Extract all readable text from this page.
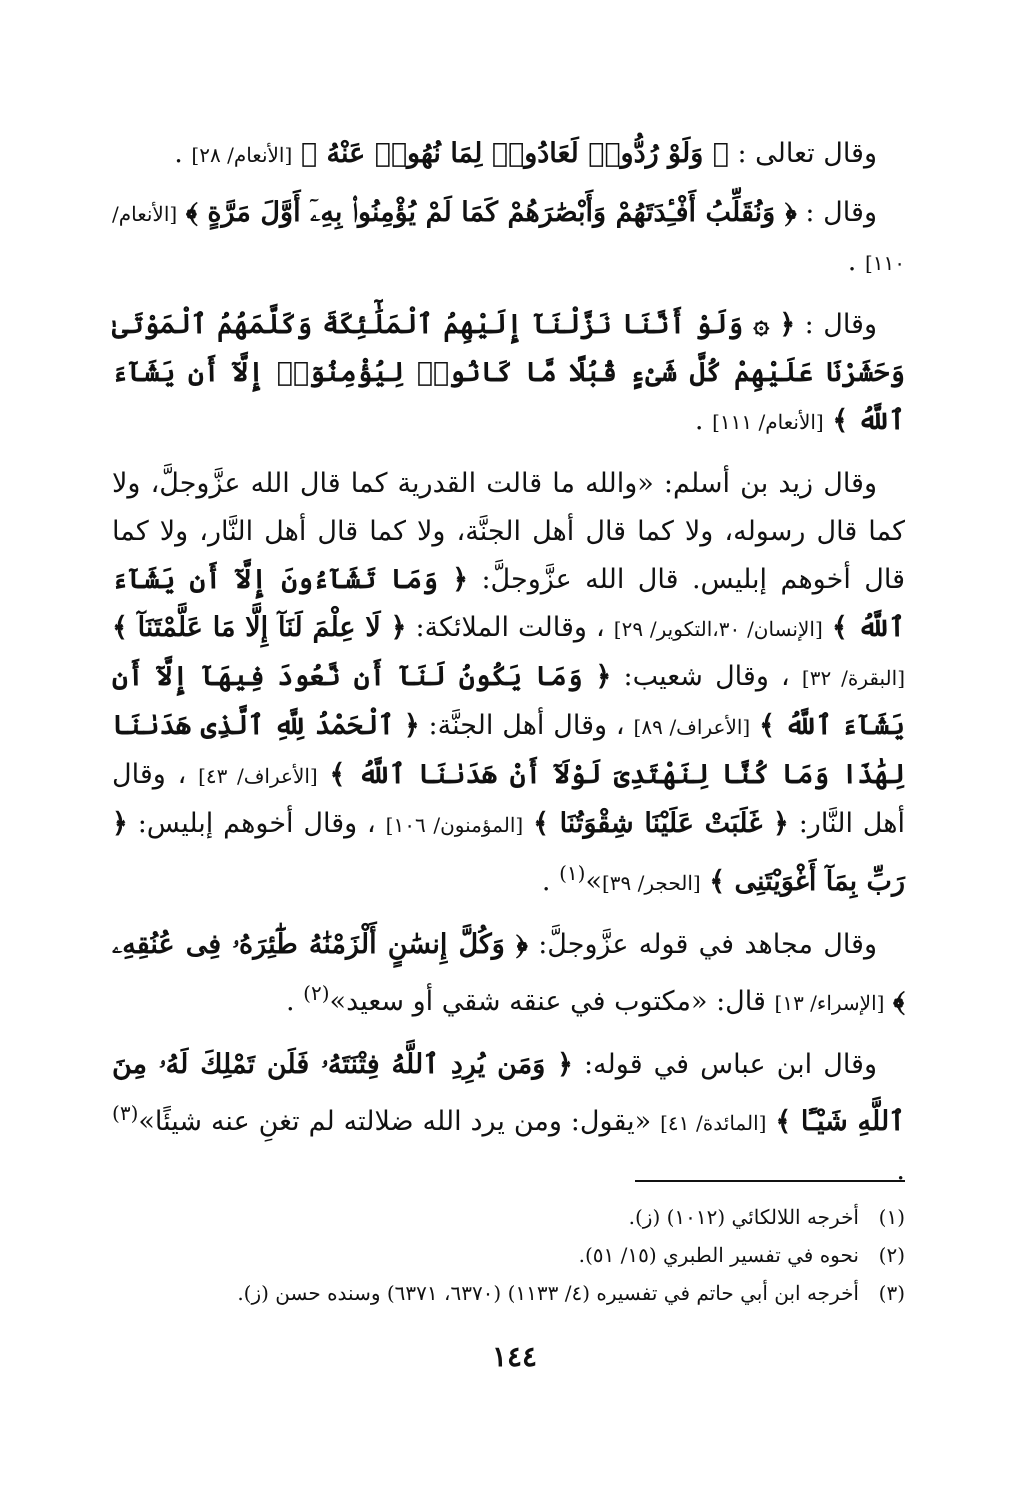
وقال تعالى : ﴿ وَلَوْ رُدُّوا۟ لَعَادُوا۟ لِمَا نُهُوا۟ عَنْهُ ﴾ [الأنعام/ ٢٨] .

وقال : ﴿ وَنُقَلِّبُ أَفْـِٔدَتَهُمْ وَأَبْصَٰرَهُمْ كَمَا لَمْ يُؤْمِنُوا۟ بِهِۦٓ أَوَّلَ مَرَّةٍ ﴾ [الأنعام/ ١١٠] .

وقال : ﴿ ۞ وَلَوْ أَنَّنَا نَزَّلْنَآ إِلَيْهِمُ ٱلْمَلَٰٓئِكَةَ وَكَلَّمَهُمُ ٱلْمَوْتَىٰ وَحَشَرْنَا عَلَيْهِمْ كُلَّ شَىْءٍ قُبُلًا مَّا كَانُوا۟ لِيُؤْمِنُوٓا۟ إِلَّآ أَن يَشَآءَ ٱللَّهُ ﴾ [الأنعام/ ١١١] .

وقال زيد بن أسلم: «والله ما قالت القدرية كما قال الله عزَّوجلَّ، ولا كما قال رسوله، ولا كما قال أهل الجنَّة، ولا كما قال أهل النَّار، ولا كما قال أخوهم إبليس. قال الله عزَّوجلَّ: ﴿ وَمَا تَشَآءُونَ إِلَّآ أَن يَشَآءَ ٱللَّهُ ﴾ [الإنسان/ ٣٠،التكوير/ ٢٩] ، وقالت الملائكة: ﴿ لَا عِلْمَ لَنَآ إِلَّا مَا عَلَّمْتَنَآ ﴾ [البقرة/ ٣٢] ، وقال شعيب: ﴿ وَمَا يَكُونُ لَنَآ أَن نَّعُودَ فِيهَآ إِلَّآ أَن يَشَآءَ ٱللَّهُ ﴾ [الأعراف/ ٨٩] ، وقال أهل الجنَّة: ﴿ ٱلْحَمْدُ لِلَّهِ ٱلَّذِى هَدَىٰنَا لِهَٰذَا وَمَا كُنَّا لِنَهْتَدِىَ لَوْلَآ أَنْ هَدَىٰنَا ٱللَّهُ ﴾ [الأعراف/ ٤٣] ، وقال أهل النَّار: ﴿ غَلَبَتْ عَلَيْنَا شِقْوَتُنَا ﴾ [المؤمنون/ ١٠٦] ، وقال أخوهم إبليس: ﴿ رَبِّ بِمَآ أَغْوَيْتَنِى ﴾ [الحجر/ ٣٩]»$^{(١)}$ .

وقال مجاهد في قوله عزَّوجلَّ: ﴿ وَكُلَّ إِنسَٰنٍ أَلْزَمْنَٰهُ طَٰٓئِرَهُۥ فِى عُنُقِهِۦ ﴾ [الإسراء/ ١٣] قال: «مكتوب في عنقه شقي أو سعيد»$^{(٢)}$ .

وقال ابن عباس في قوله: ﴿ وَمَن يُرِدِ ٱللَّهُ فِتْنَتَهُۥ فَلَن تَمْلِكَ لَهُۥ مِنَ ٱللَّهِ شَيْـًٔا ﴾ [المائدة/ ٤١] «يقول: ومن يرد الله ضلالته لم تغنِ عنه شيئًا»$^{(٣)}$ .

(١)
أخرجه اللالكائي (١٠١٢) (ز).
(٢)
نحوه في تفسير الطبري (١٥/ ٥١).
(٣)
أخرجه ابن أبي حاتم في تفسيره (٤/ ١١٣٣) (٦٣٧٠، ٦٣٧١) وسنده حسن (ز).
١٤٤
